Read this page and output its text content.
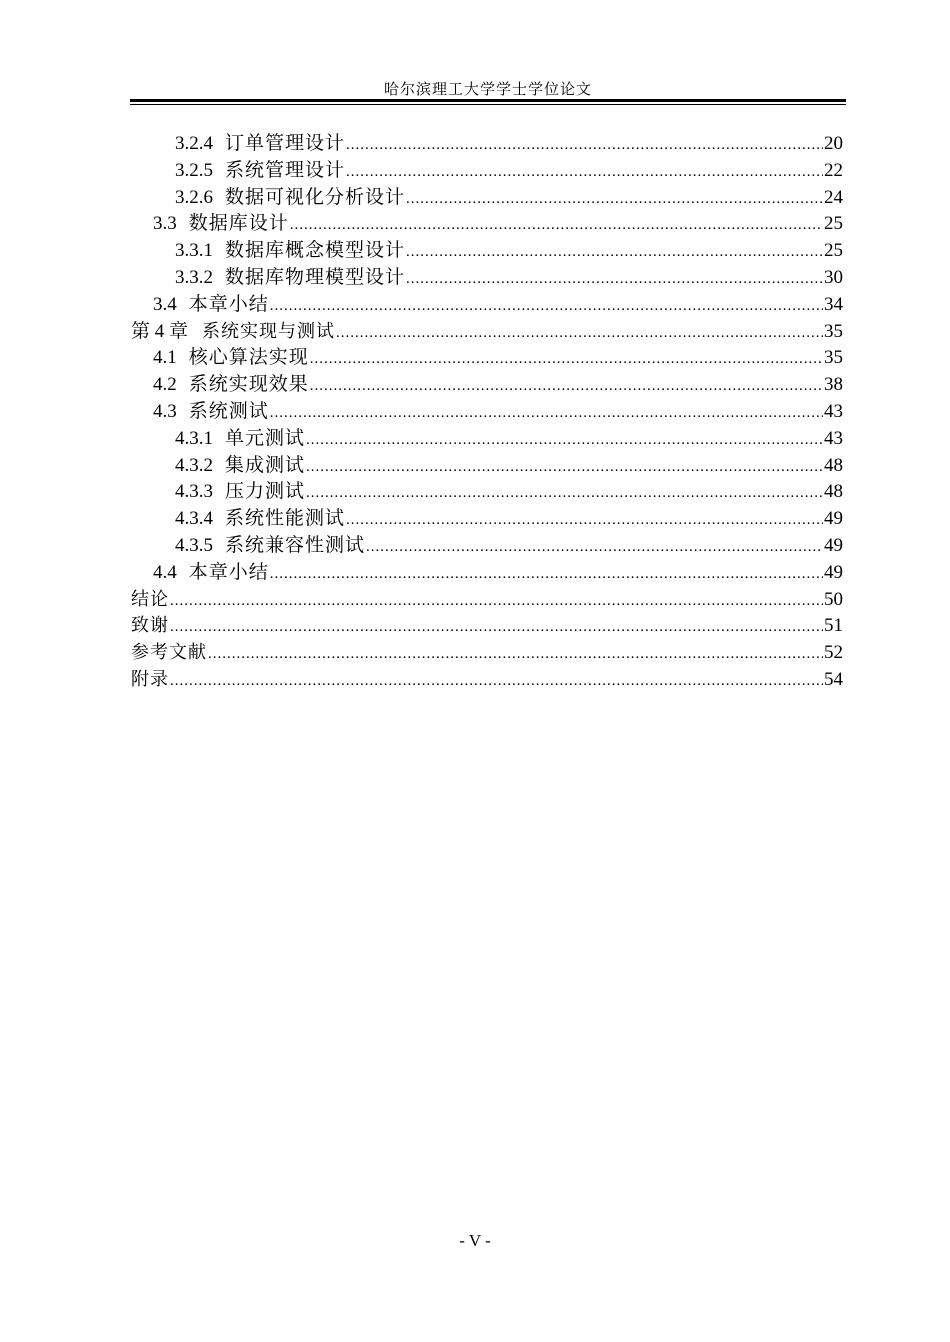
哈尔滨理工大学学士学位论文
3.2.4 订单管理设计 .....	20
3.2.5 系统管理设计 .....	22
3.2.6 数据可视化分析设计 .....	24
3.3 数据库设计 .....	25
3.3.1 数据库概念模型设计 .....	25
3.3.2 数据库物理模型设计 .....	30
3.4 本章小结 .....	34
第 4 章 系统实现与测试 .....	35
4.1 核心算法实现 .....	35
4.2 系统实现效果 .....	38
4.3 系统测试 .....	43
4.3.1 单元测试 .....	43
4.3.2 集成测试 .....	48
4.3.3 压力测试 .....	48
4.3.4 系统性能测试 .....	49
4.3.5 系统兼容性测试 .....	49
4.4 本章小结 .....	49
结论 .....	50
致谢 .....	51
参考文献 .....	52
附录 .....	54
- V -
